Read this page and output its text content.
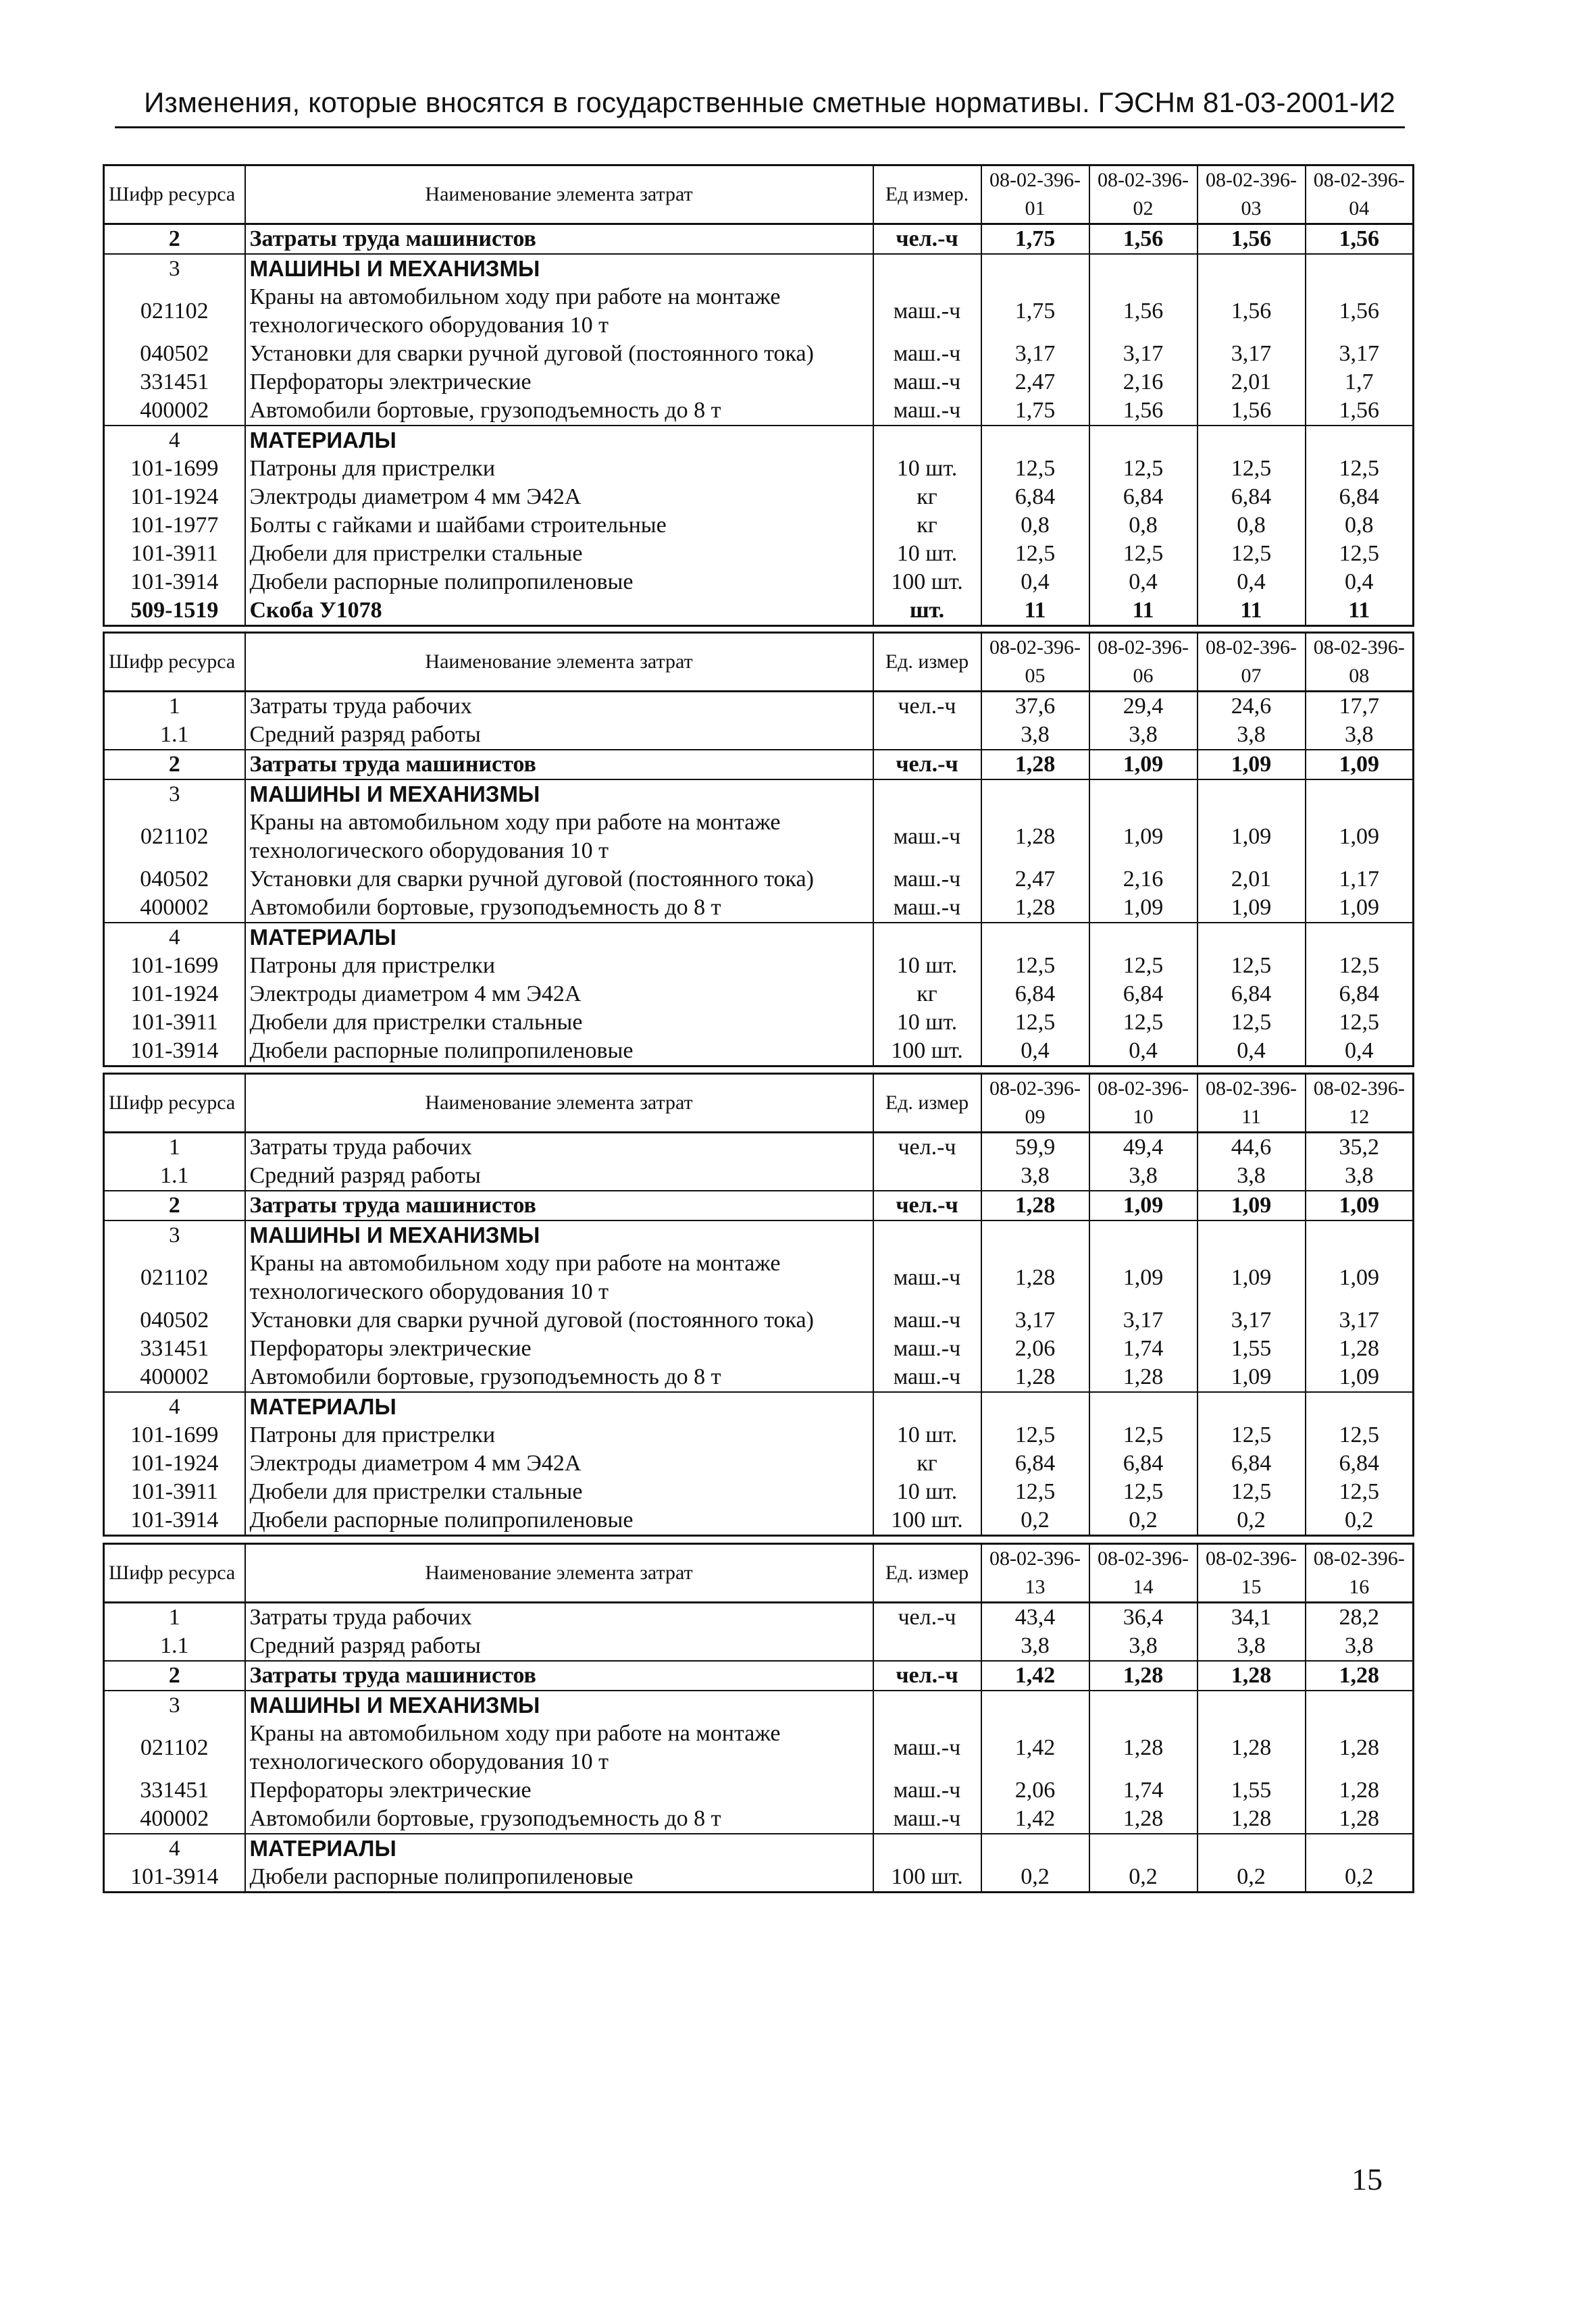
Изменения, которые вносятся в государственные сметные нормативы. ГЭСНм 81-03-2001-И2
Шифр ресурса	Наименование элемента затрат	Ед измер.	08-02-396-01	08-02-396-02	08-02-396-03	08-02-396-04
2	Затраты труда машинистов	чел.-ч	1,75	1,56	1,56	1,56
3	МАШИНЫ И МЕХАНИЗМЫ					
021102	Краны на автомобильном ходу при работе на монтаже технологического оборудования 10 т	маш.-ч	1,75	1,56	1,56	1,56
040502	Установки для сварки ручной дуговой (постоянного тока)	маш.-ч	3,17	3,17	3,17	3,17
331451	Перфораторы электрические	маш.-ч	2,47	2,16	2,01	1,7
400002	Автомобили бортовые, грузоподъемность до 8 т	маш.-ч	1,75	1,56	1,56	1,56
4	МАТЕРИАЛЫ					
101-1699	Патроны для пристрелки	10 шт.	12,5	12,5	12,5	12,5
101-1924	Электроды диаметром 4 мм Э42А	кг	6,84	6,84	6,84	6,84
101-1977	Болты с гайками и шайбами строительные	кг	0,8	0,8	0,8	0,8
101-3911	Дюбели для пристрелки стальные	10 шт.	12,5	12,5	12,5	12,5
101-3914	Дюбели распорные полипропиленовые	100 шт.	0,4	0,4	0,4	0,4
509-1519	Скоба У1078	шт.	11	11	11	11
Шифр ресурса	Наименование элемента затрат	Ед. измер	08-02-396-05	08-02-396-06	08-02-396-07	08-02-396-08
1	Затраты труда рабочих	чел.-ч	37,6	29,4	24,6	17,7
1.1	Средний разряд работы		3,8	3,8	3,8	3,8
2	Затраты труда машинистов	чел.-ч	1,28	1,09	1,09	1,09
3	МАШИНЫ И МЕХАНИЗМЫ					
021102	Краны на автомобильном ходу при работе на монтаже технологического оборудования 10 т	маш.-ч	1,28	1,09	1,09	1,09
040502	Установки для сварки ручной дуговой (постоянного тока)	маш.-ч	2,47	2,16	2,01	1,17
400002	Автомобили бортовые, грузоподъемность до 8 т	маш.-ч	1,28	1,09	1,09	1,09
4	МАТЕРИАЛЫ					
101-1699	Патроны для пристрелки	10 шт.	12,5	12,5	12,5	12,5
101-1924	Электроды диаметром 4 мм Э42А	кг	6,84	6,84	6,84	6,84
101-3911	Дюбели для пристрелки стальные	10 шт.	12,5	12,5	12,5	12,5
101-3914	Дюбели распорные полипропиленовые	100 шт.	0,4	0,4	0,4	0,4
Шифр ресурса	Наименование элемента затрат	Ед. измер	08-02-396-09	08-02-396-10	08-02-396-11	08-02-396-12
1	Затраты труда рабочих	чел.-ч	59,9	49,4	44,6	35,2
1.1	Средний разряд работы		3,8	3,8	3,8	3,8
2	Затраты труда машинистов	чел.-ч	1,28	1,09	1,09	1,09
3	МАШИНЫ И МЕХАНИЗМЫ					
021102	Краны на автомобильном ходу при работе на монтаже технологического оборудования 10 т	маш.-ч	1,28	1,09	1,09	1,09
040502	Установки для сварки ручной дуговой (постоянного тока)	маш.-ч	3,17	3,17	3,17	3,17
331451	Перфораторы электрические	маш.-ч	2,06	1,74	1,55	1,28
400002	Автомобили бортовые, грузоподъемность до 8 т	маш.-ч	1,28	1,28	1,09	1,09
4	МАТЕРИАЛЫ					
101-1699	Патроны для пристрелки	10 шт.	12,5	12,5	12,5	12,5
101-1924	Электроды диаметром 4 мм Э42А	кг	6,84	6,84	6,84	6,84
101-3911	Дюбели для пристрелки стальные	10 шт.	12,5	12,5	12,5	12,5
101-3914	Дюбели распорные полипропиленовые	100 шт.	0,2	0,2	0,2	0,2
Шифр ресурса	Наименование элемента затрат	Ед. измер	08-02-396-13	08-02-396-14	08-02-396-15	08-02-396-16
1	Затраты труда рабочих	чел.-ч	43,4	36,4	34,1	28,2
1.1	Средний разряд работы		3,8	3,8	3,8	3,8
2	Затраты труда машинистов	чел.-ч	1,42	1,28	1,28	1,28
3	МАШИНЫ И МЕХАНИЗМЫ					
021102	Краны на автомобильном ходу при работе на монтаже технологического оборудования 10 т	маш.-ч	1,42	1,28	1,28	1,28
331451	Перфораторы электрические	маш.-ч	2,06	1,74	1,55	1,28
400002	Автомобили бортовые, грузоподъемность до 8 т	маш.-ч	1,42	1,28	1,28	1,28
4	МАТЕРИАЛЫ					
101-3914	Дюбели распорные полипропиленовые	100 шт.	0,2	0,2	0,2	0,2
15
